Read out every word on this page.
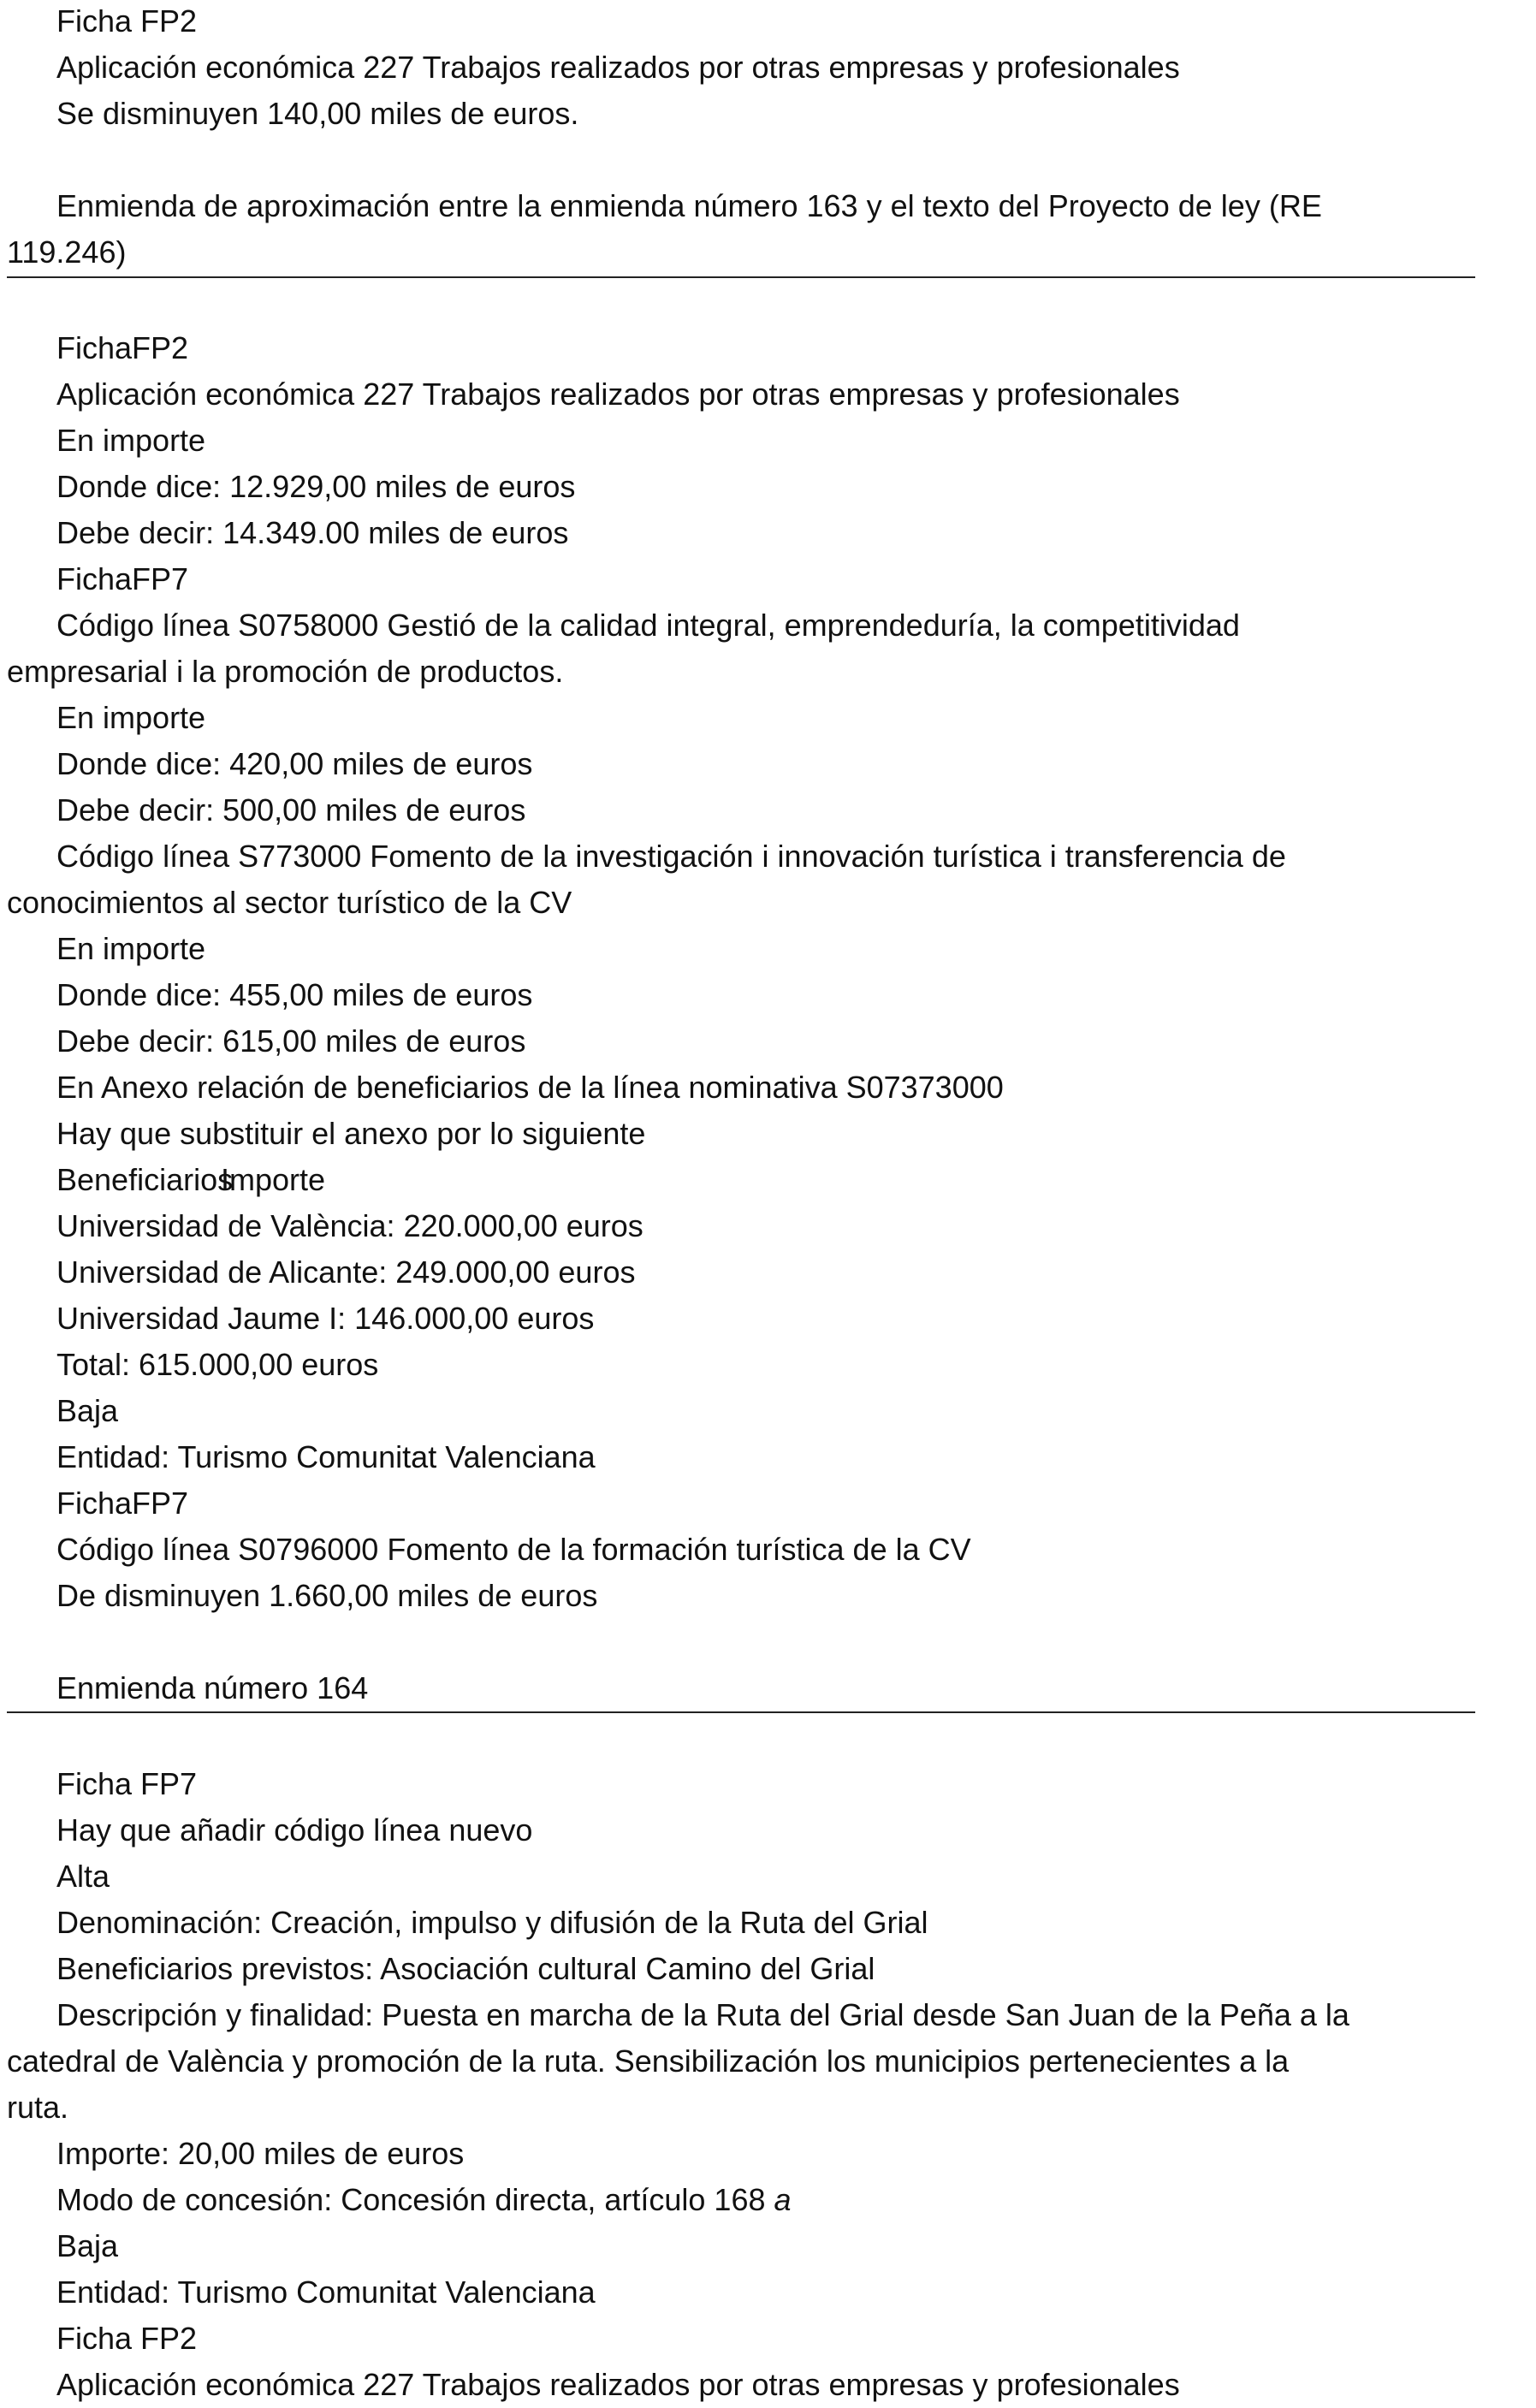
Ficha FP2
Aplicación económica 227 Trabajos realizados por otras empresas y profesionales
Se disminuyen 140,00 miles de euros.
Enmienda de aproximación entre la enmienda número 163 y el texto del Proyecto de ley (RE
119.246)
FichaFP2
Aplicación económica 227 Trabajos realizados por otras empresas y profesionales
En importe
Donde dice: 12.929,00 miles de euros
Debe decir: 14.349.00 miles de euros
FichaFP7
Código línea S0758000 Gestió de la calidad integral, emprendeduría, la competitividad
empresarial i la promoción de productos.
En importe
Donde dice: 420,00 miles de euros
Debe decir: 500,00 miles de euros
Código línea S773000 Fomento de la investigación i innovación turística i transferencia de
conocimientos al sector turístico de la CV
En importe
Donde dice: 455,00 miles de euros
Debe decir: 615,00 miles de euros
En Anexo relación de beneficiarios de la línea nominativa S07373000
Hay que substituir el anexo por lo siguiente
BeneficiariosImporte
Universidad de València: 220.000,00 euros
Universidad de Alicante: 249.000,00 euros
Universidad Jaume I: 146.000,00 euros
Total: 615.000,00 euros
Baja
Entidad: Turismo Comunitat Valenciana
FichaFP7
Código línea S0796000 Fomento de la formación turística de la CV
De disminuyen 1.660,00 miles de euros
Enmienda número 164
Ficha FP7
Hay que añadir código línea nuevo
Alta
Denominación: Creación, impulso y difusión de la Ruta del Grial
Beneficiarios previstos: Asociación cultural Camino del Grial
Descripción y finalidad: Puesta en marcha de la Ruta del Grial desde San Juan de la Peña a la
catedral de València y promoción de la ruta. Sensibilización los municipios pertenecientes a la
ruta.
Importe: 20,00 miles de euros
Modo de concesión: Concesión directa, artículo 168 a
Baja
Entidad: Turismo Comunitat Valenciana
Ficha FP2
Aplicación económica 227 Trabajos realizados por otras empresas y profesionales
